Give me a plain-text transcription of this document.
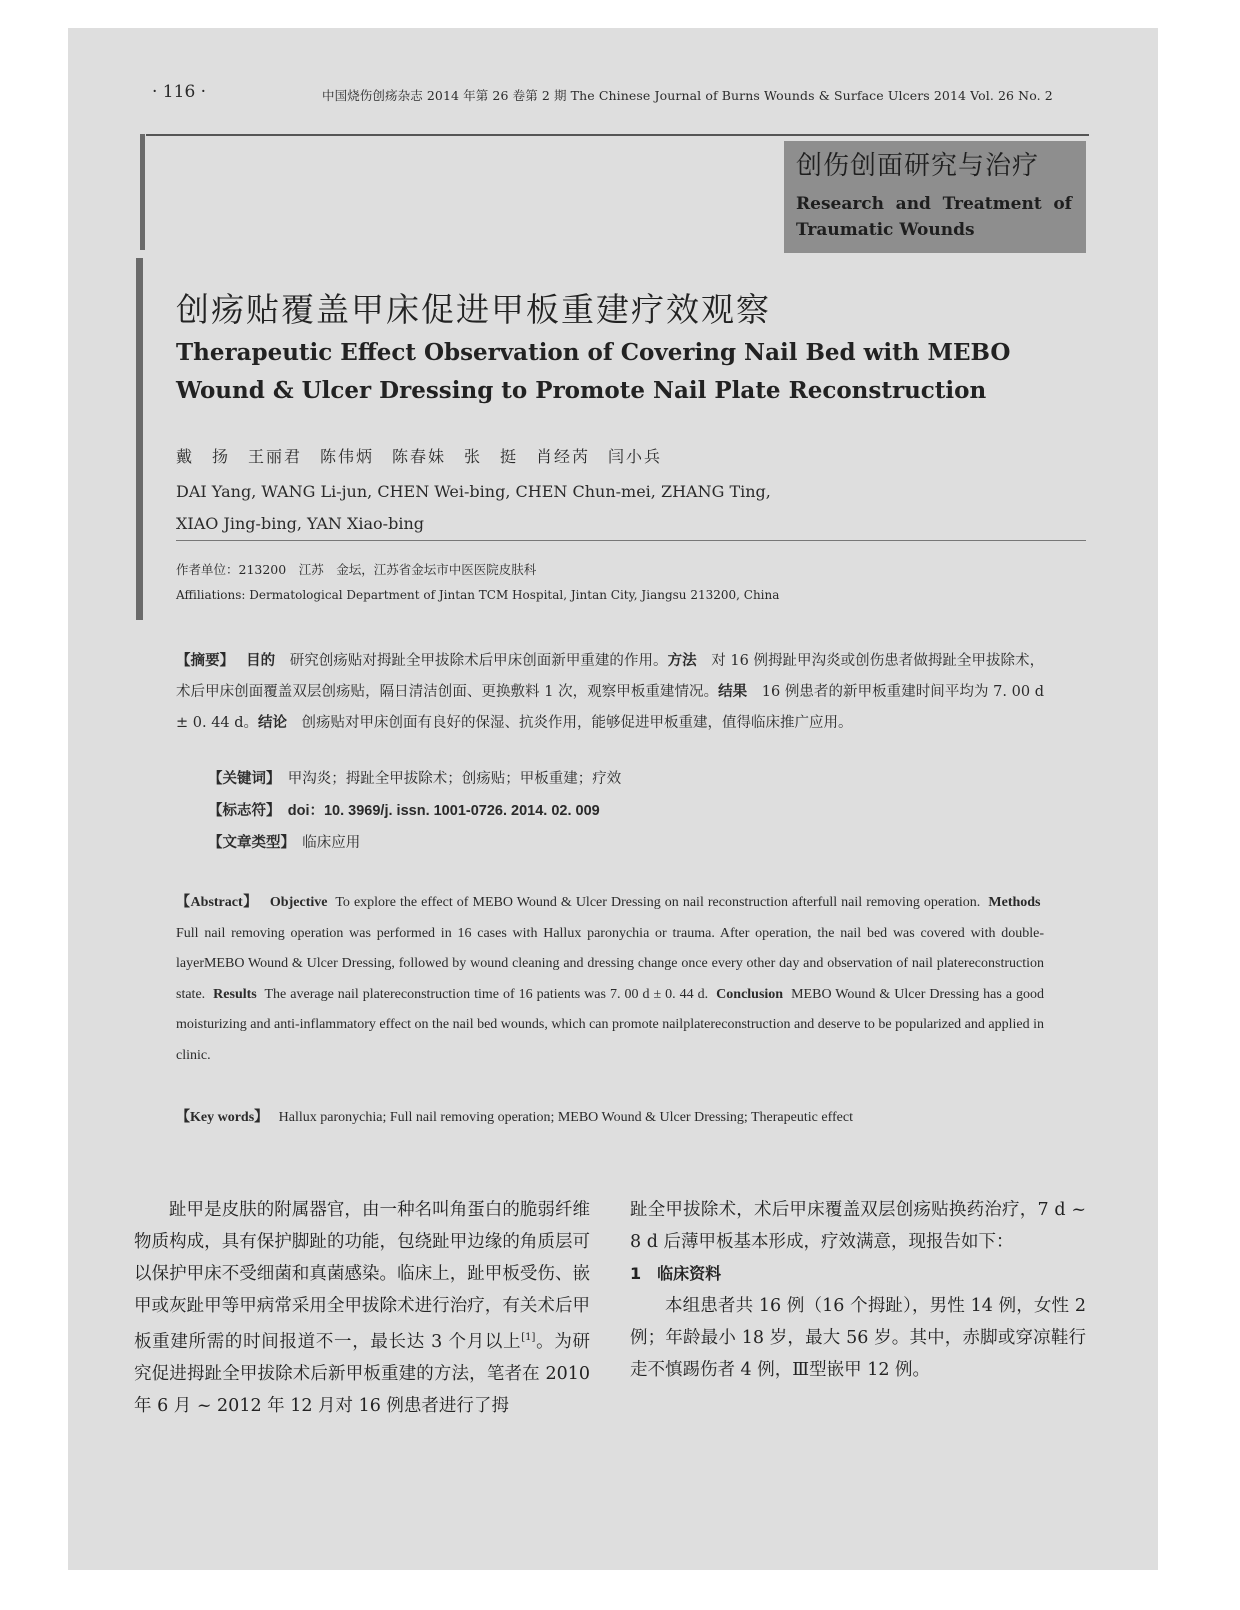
· 116 ·	中国烧伤创疡杂志 2014 年第 26 卷第 2 期 The Chinese Journal of Burns Wounds & Surface Ulcers 2014 Vol. 26 No. 2
创伤创面研究与治疗
Research and Treatment of
Traumatic Wounds
创疡贴覆盖甲床促进甲板重建疗效观察
Therapeutic Effect Observation of Covering Nail Bed with MEBO Wound & Ulcer Dressing to Promote Nail Plate Reconstruction
戴　扬　王丽君　陈伟炳　陈春妹　张　挺　肖经芮　闫小兵
DAI Yang, WANG Li-jun, CHEN Wei-bing, CHEN Chun-mei, ZHANG Ting,
XIAO Jing-bing, YAN Xiao-bing
作者单位：213200　江苏　金坛，江苏省金坛市中医医院皮肤科
Affiliations: Dermatological Department of Jintan TCM Hospital, Jintan City, Jiangsu 213200, China
【摘要】　 目的　 研究创疡贴对拇趾全甲拔除术后甲床创面新甲重建的作用。方法　 对 16 例拇趾甲沟炎或创伤患者做拇趾全甲拔除术，术后甲床创面覆盖双层创疡贴，隔日清洁创面、更换敷料 1 次，观察甲板重建情况。结果　 16 例患者的新甲板重建时间平均为 7. 00 d ± 0. 44 d。结论　 创疡贴对甲床创面有良好的保湿、抗炎作用，能够促进甲板重建，值得临床推广应用。
【关键词】　 甲沟炎；拇趾全甲拔除术；创疡贴；甲板重建；疗效
【标志符】　 doi：10. 3969/j. issn. 1001-0726. 2014. 02. 009
【文章类型】　 临床应用
【Abstract】 Objective To explore the effect of MEBO Wound & Ulcer Dressing on nail reconstruction afterfull nail removing operation. Methods  Full nail removing operation was performed in 16 cases with Hallux paronychia or trauma. After operation, the nail bed was covered with double-layerMEBO Wound & Ulcer Dressing, followed by wound cleaning and dressing change once every other day and observation of nail platereconstruction state. Results The average nail platereconstruction time of 16 patients was 7. 00 d ± 0. 44 d. Conclusion MEBO Wound & Ulcer Dressing has a good moisturizing and anti-inflammatory effect on the nail bed wounds, which can promote nailplatereconstruction and deserve to be popularized and applied in clinic.
【Key words】 Hallux paronychia; Full nail removing operation; MEBO Wound & Ulcer Dressing; Therapeutic effect
趾甲是皮肤的附属器官，由一种名叫角蛋白的脆弱纤维物质构成，具有保护脚趾的功能，包绕趾甲边缘的角质层可以保护甲床不受细菌和真菌感染。临床上，趾甲板受伤、嵌甲或灰趾甲等甲病常采用全甲拔除术进行治疗，有关术后甲板重建所需的时间报道不一，最长达 3 个月以上[1]。为研究促进拇趾全甲拔除术后新甲板重建的方法，笔者在 2010 年 6 月 ~ 2012 年 12 月对 16 例患者进行了拇
趾全甲拔除术，术后甲床覆盖双层创疡贴换药治疗，7 d ~ 8 d 后薄甲板基本形成，疗效满意，现报告如下：
1　临床资料
本组患者共 16 例（16 个拇趾），男性 14 例，女性 2 例；年龄最小 18 岁，最大 56 岁。其中，赤脚或穿凉鞋行走不慎踢伤者 4 例，Ⅲ型嵌甲 12 例。
